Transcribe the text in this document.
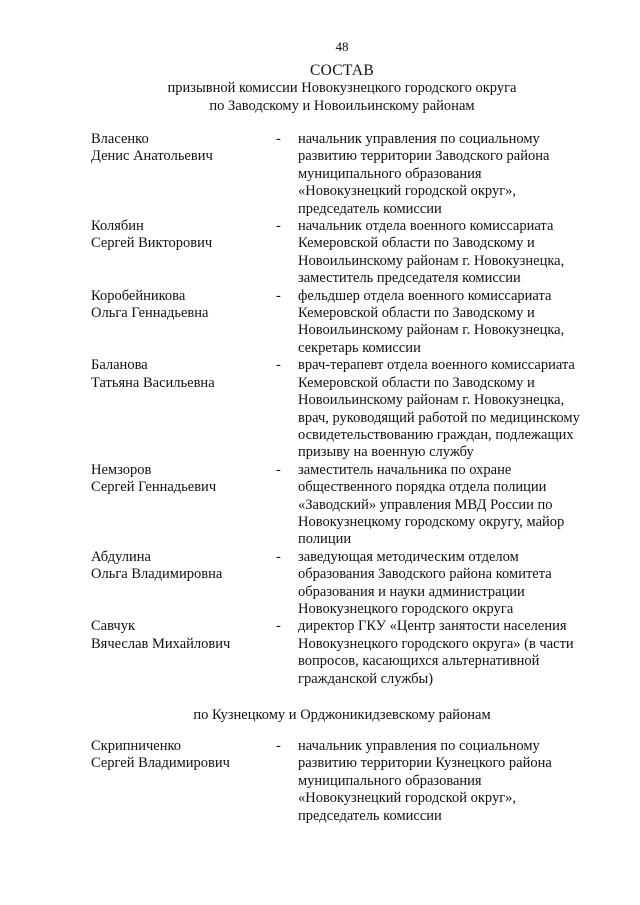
48
СОСТАВ
призывной комиссии Новокузнецкого городского округа
по Заводскому и Новоильинскому районам
Власенко
Денис Анатольевич
- начальник управления по социальному
развитию территории Заводского района
муниципального образования
«Новокузнецкий городской округ»,
председатель комиссии
Колябин
Сергей Викторович
- начальник отдела военного комиссариата
Кемеровской области по Заводскому и
Новоильинскому районам г. Новокузнецка,
заместитель председателя комиссии
Коробейникова
Ольга Геннадьевна
- фельдшер отдела военного комиссариата
Кемеровской области по Заводскому и
Новоильинскому районам г. Новокузнецка,
секретарь комиссии
Баланова
Татьяна Васильевна
- врач-терапевт отдела военного комиссариата
Кемеровской области по Заводскому и
Новоильинскому районам г. Новокузнецка,
врач, руководящий работой по медицинскому
освидетельствованию граждан, подлежащих
призыву на военную службу
Немзоров
Сергей Геннадьевич
- заместитель начальника по охране
общественного порядка отдела полиции
«Заводский» управления МВД России по
Новокузнецкому городскому округу, майор
полиции
Абдулина
Ольга Владимировна
- заведующая методическим отделом
образования Заводского района комитета
образования и науки администрации
Новокузнецкого городского округа
Савчук
Вячеслав Михайлович
- директор ГКУ «Центр занятости населения
Новокузнецкого городского округа» (в части
вопросов, касающихся альтернативной
гражданской службы)
по Кузнецкому и Орджоникидзевскому районам
Скрипниченко
Сергей Владимирович
- начальник управления по социальному
развитию территории Кузнецкого района
муниципального образования
«Новокузнецкий городской округ»,
председатель комиссии
